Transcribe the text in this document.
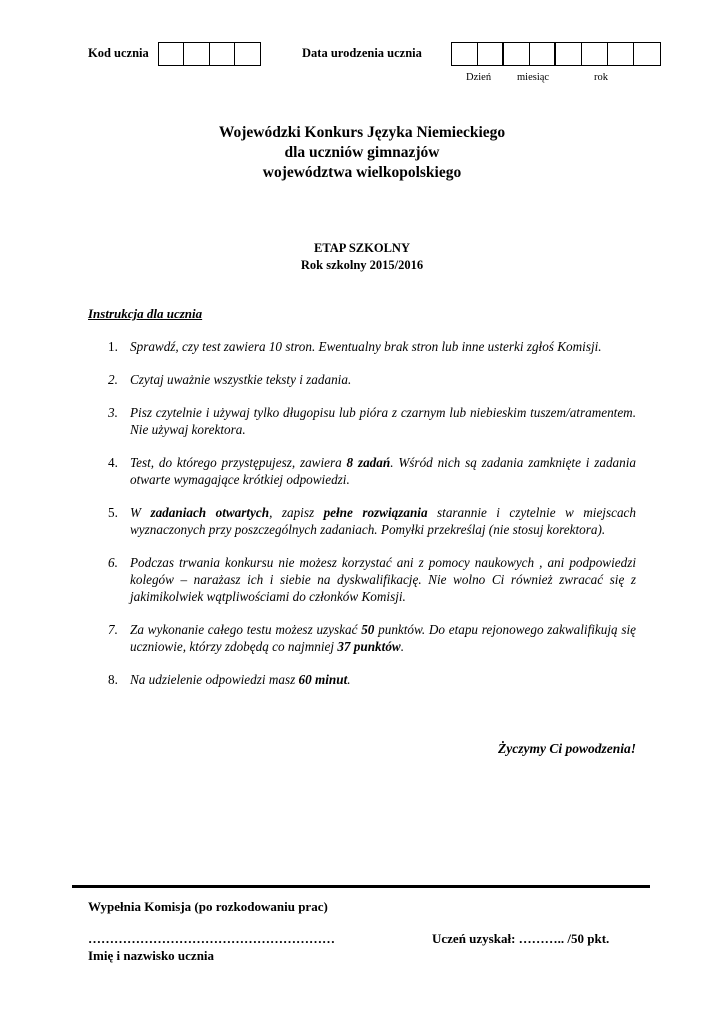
Kod ucznia	Data urodzenia ucznia
Dzień miesiąc	rok
Wojewódzki Konkurs Języka Niemieckiego
dla uczniów gimnazjów
województwa wielkopolskiego
ETAP SZKOLNY
Rok szkolny 2015/2016
Instrukcja dla ucznia
1. Sprawdź, czy test zawiera 10 stron. Ewentualny brak stron lub inne usterki zgłoś Komisji.
2. Czytaj uważnie wszystkie teksty i zadania.
3. Pisz czytelnie i używaj tylko długopisu lub pióra z czarnym lub niebieskim tuszem/atramentem. Nie używaj korektora.
4. Test, do którego przystępujesz, zawiera 8 zadań. Wśród nich są zadania zamknięte i zadania otwarte wymagające krótkiej odpowiedzi.
5. W zadaniach otwartych, zapisz pełne rozwiązania starannie i czytelnie w miejscach wyznaczonych przy poszczególnych zadaniach. Pomyłki przekreślaj (nie stosuj korektora).
6. Podczas trwania konkursu nie możesz korzystać ani z pomocy naukowych , ani podpowiedzi kolegów – narażasz ich i siebie na dyskwalifikację. Nie wolno Ci również zwracać się z jakimikolwiek wątpliwościami do członków Komisji.
7. Za wykonanie całego testu możesz uzyskać 50 punktów. Do etapu rejonowego zakwalifikują się uczniowie, którzy zdobędą co najmniej 37 punktów.
8. Na udzielenie odpowiedzi masz 60 minut.
Życzymy Ci powodzenia!
Wypełnia Komisja (po rozkodowaniu prac)
…………………………………………………
Imię i nazwisko ucznia
Uczeń uzyskał: ……….. /50 pkt.
